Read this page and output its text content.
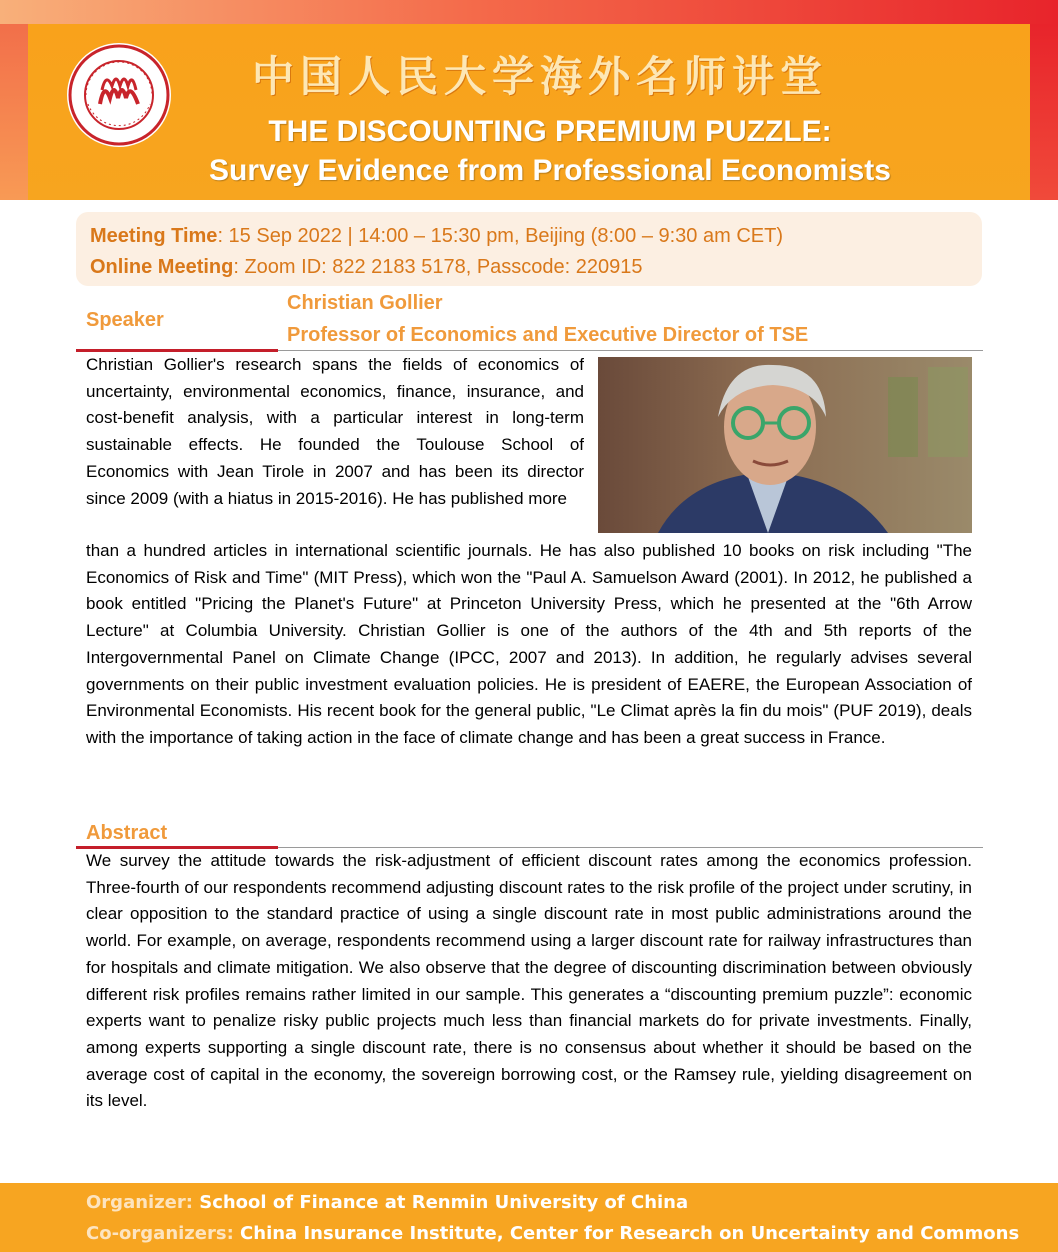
中国人民大学海外名师讲堂
THE DISCOUNTING PREMIUM PUZZLE:
Survey Evidence from Professional Economists
Meeting Time: 15 Sep 2022 | 14:00 – 15:30 pm, Beijing (8:00 – 9:30 am CET)
Online Meeting: Zoom ID: 822 2183 5178, Passcode: 220915
Speaker
Christian Gollier
Professor of Economics and Executive Director of TSE
Christian Gollier's research spans the fields of economics of uncertainty, environmental economics, finance, insurance, and cost-benefit analysis, with a particular interest in long-term sustainable effects. He founded the Toulouse School of Economics with Jean Tirole in 2007 and has been its director since 2009 (with a hiatus in 2015-2016). He has published more
than a hundred articles in international scientific journals. He has also published 10 books on risk including "The Economics of Risk and Time" (MIT Press), which won the "Paul A. Samuelson Award (2001). In 2012, he published a book entitled "Pricing the Planet's Future" at Princeton University Press, which he presented at the "6th Arrow Lecture" at Columbia University. Christian Gollier is one of the authors of the 4th and 5th reports of the Intergovernmental Panel on Climate Change (IPCC, 2007 and 2013). In addition, he regularly advises several governments on their public investment evaluation policies. He is president of EAERE, the European Association of Environmental Economists. His recent book for the general public, "Le Climat après la fin du mois" (PUF 2019), deals with the importance of taking action in the face of climate change and has been a great success in France.
Abstract
We survey the attitude towards the risk-adjustment of efficient discount rates among the economics profession. Three-fourth of our respondents recommend adjusting discount rates to the risk profile of the project under scrutiny, in clear opposition to the standard practice of using a single discount rate in most public administrations around the world. For example, on average, respondents recommend using a larger discount rate for railway infrastructures than for hospitals and climate mitigation. We also observe that the degree of discounting discrimination between obviously different risk profiles remains rather limited in our sample. This generates a “discounting premium puzzle”: economic experts want to penalize risky public projects much less than financial markets do for private investments. Finally, among experts supporting a single discount rate, there is no consensus about whether it should be based on the average cost of capital in the economy, the sovereign borrowing cost, or the Ramsey rule, yielding disagreement on its level.
Organizer: School of Finance at Renmin University of China
Co-organizers: China Insurance Institute, Center for Research on Uncertainty and Commons
